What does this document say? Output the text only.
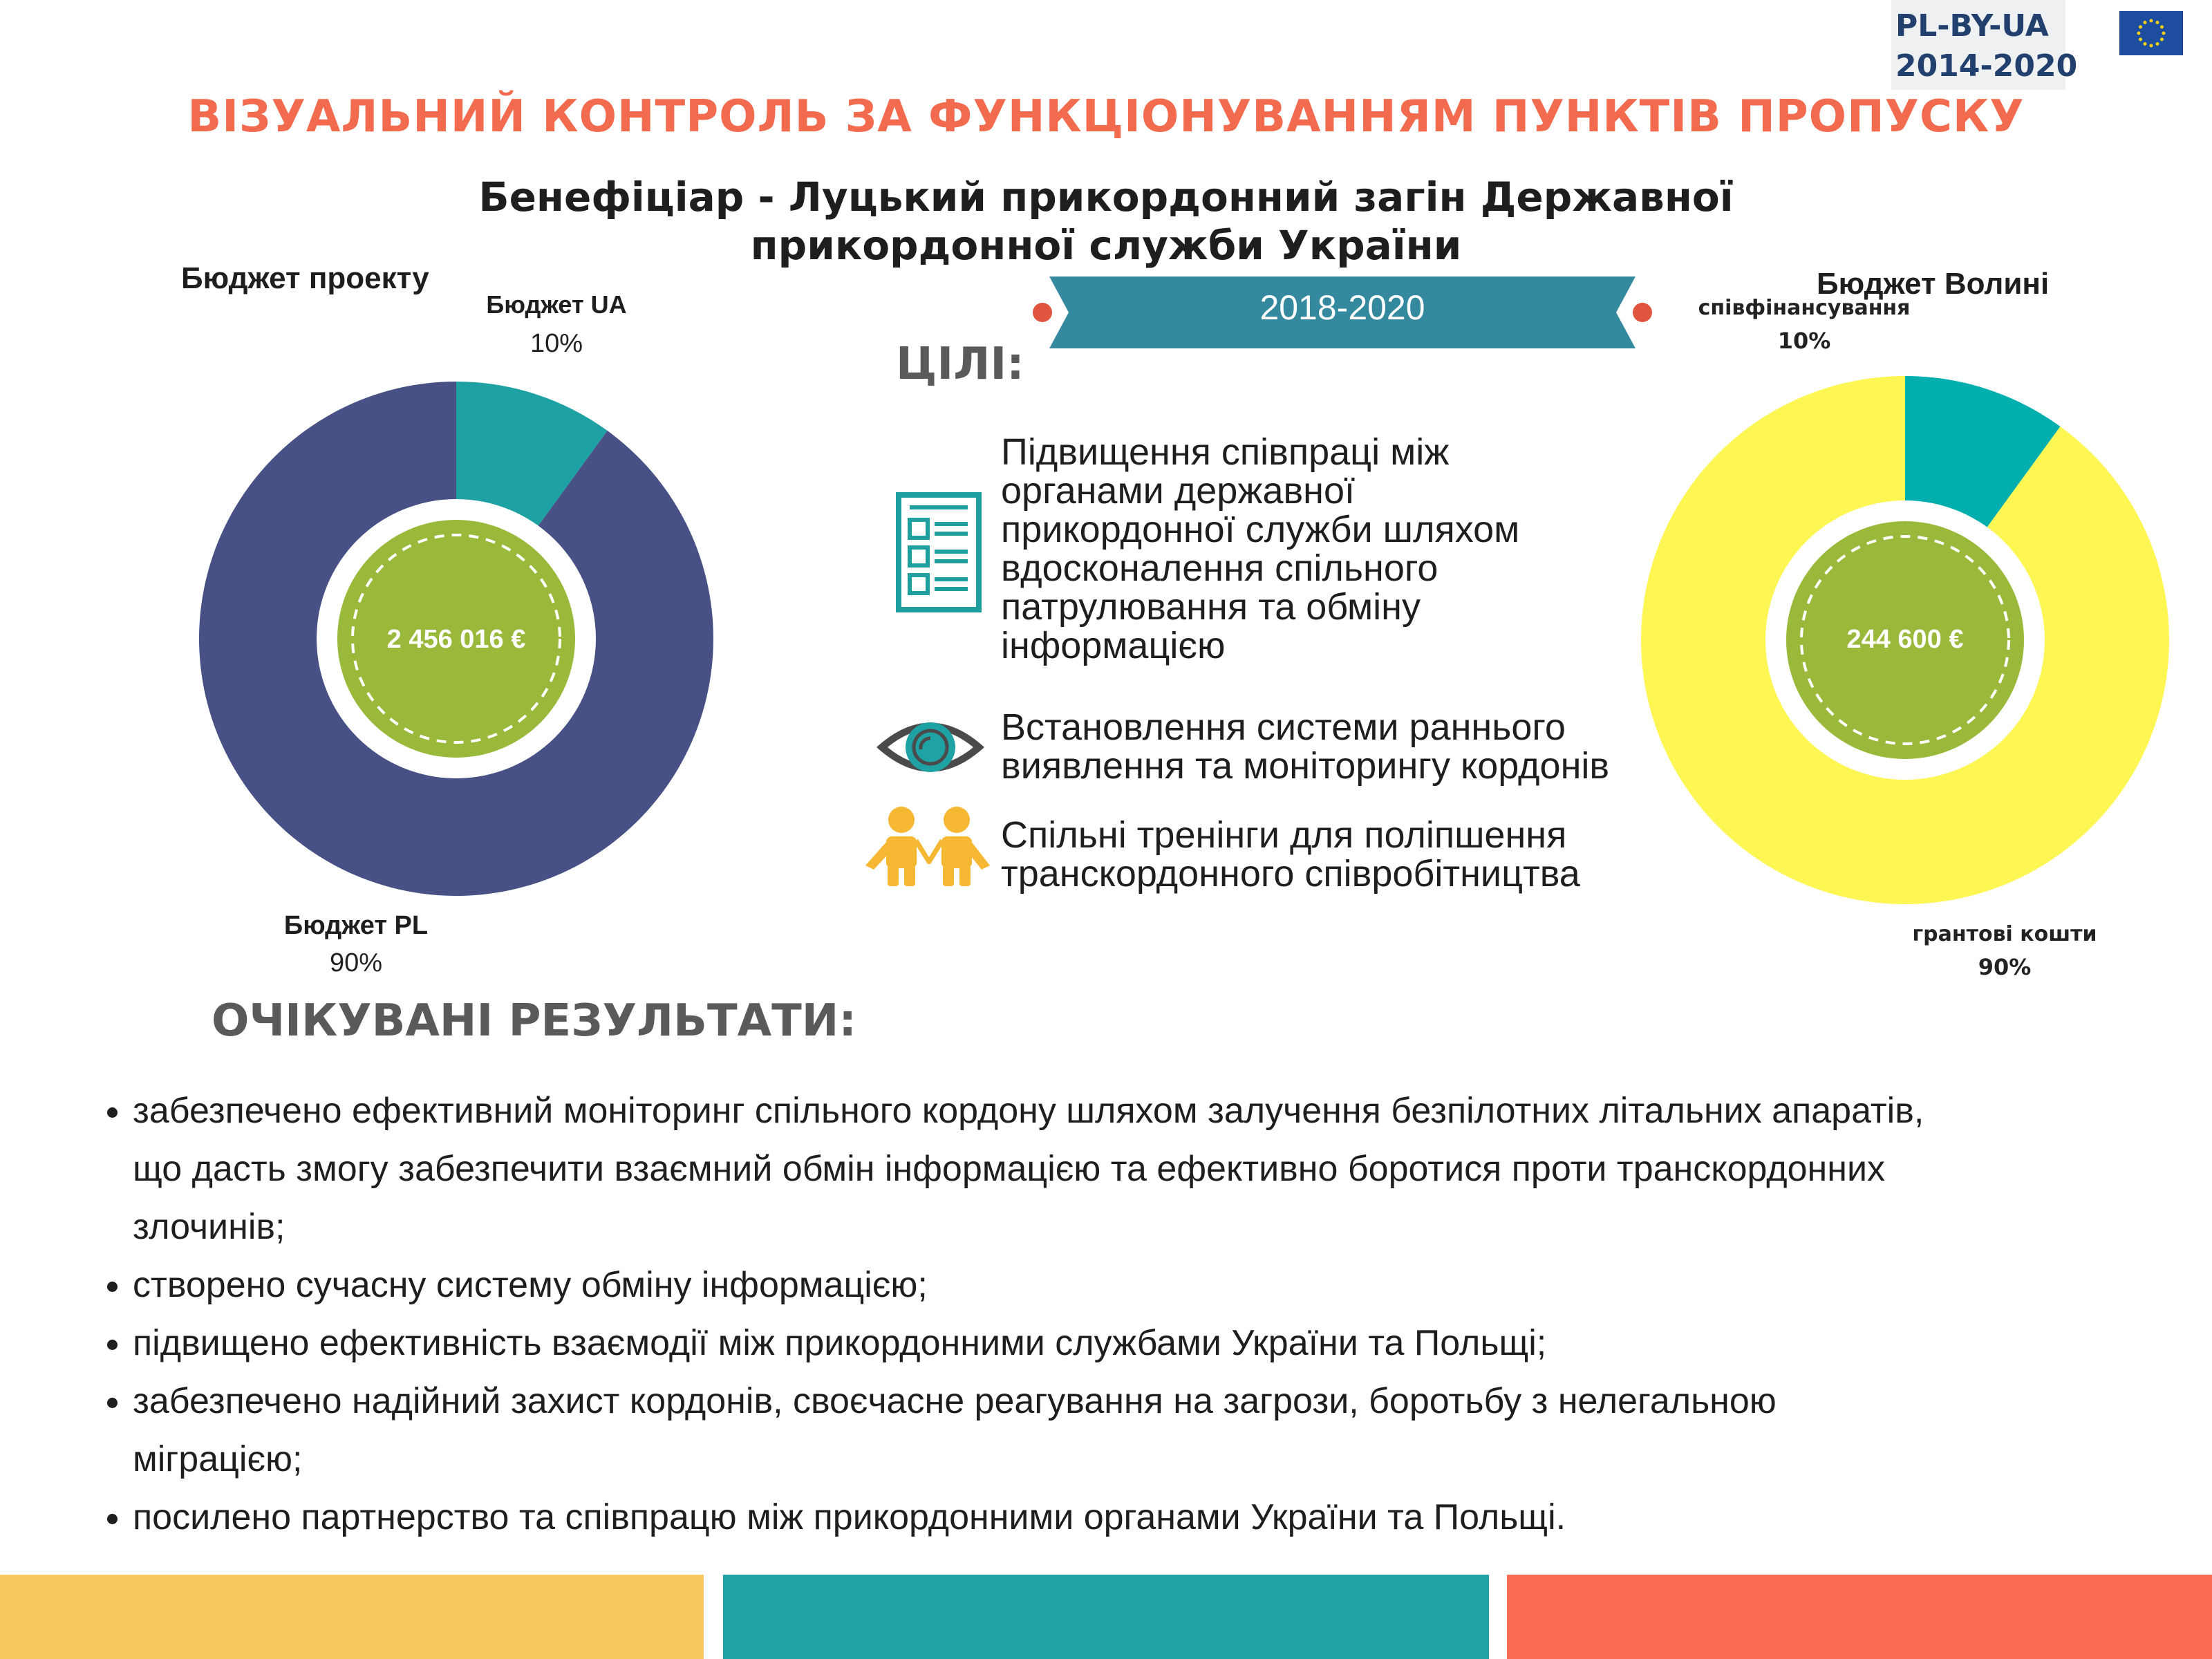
PL-BY-UA
2014-2020
ВІЗУАЛЬНИЙ КОНТРОЛЬ ЗА ФУНКЦІОНУВАННЯМ ПУНКТІВ ПРОПУСКУ
Бенефіціар - Луцький прикордонний загін Державної
прикордонної служби України
Бюджет проекту
Бюджет UA
10%
Бюджет PL
90%
2 456 016 €
2018-2020
ЦІЛІ:
Підвищення співпраці між
органами державної
прикордонної служби шляхом
вдосконалення спільного
патрулювання та обміну
інформацією
Встановлення системи раннього
виявлення та моніторингу кордонів
Спільні тренінги для поліпшення
транскордонного співробітництва
Бюджет Волині
співфінансування
10%
грантові кошти
90%
244 600 €
ОЧІКУВАНІ РЕЗУЛЬТАТИ:
• забезпечено ефективний моніторинг спільного кордону шляхом залучення безпілотних літальних апаратів,
що дасть змогу забезпечити взаємний обмін інформацією та ефективно боротися проти транскордонних
злочинів;
• створено сучасну систему обміну інформацією;
• підвищено ефективність взаємодії між прикордонними службами України та Польщі;
• забезпечено надійний захист кордонів, своєчасне реагування на загрози, боротьбу з нелегальною
міграцією;
• посилено партнерство та співпрацю між прикордонними органами України та Польщі.
